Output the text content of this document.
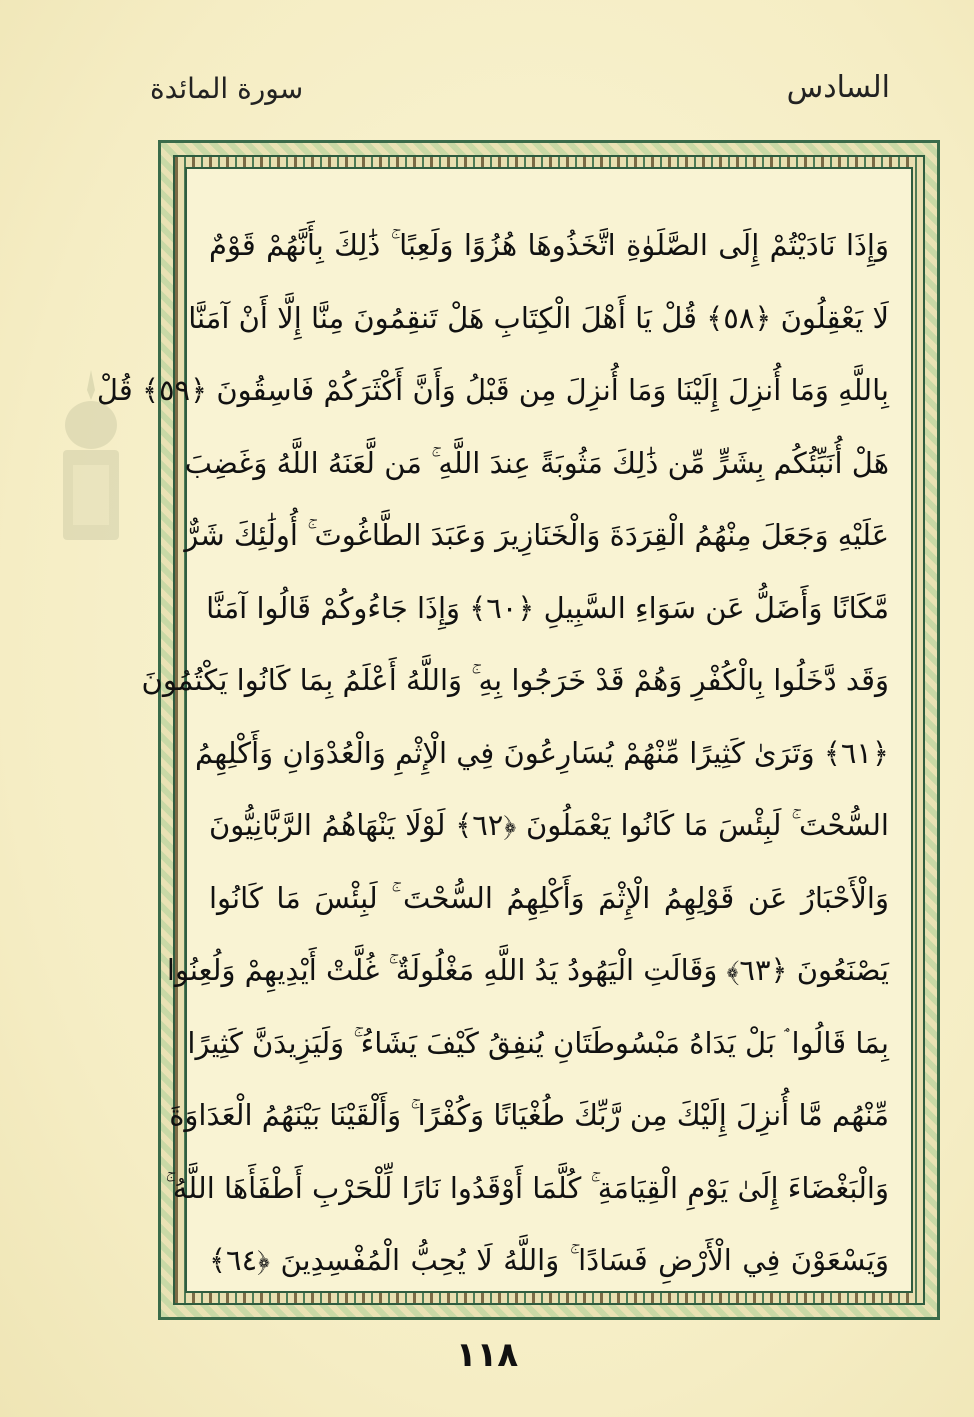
السادس
سورة المائدة
وَإِذَا نَادَيْتُمْ إِلَى الصَّلَوٰةِ اتَّخَذُوهَا هُزُوًا وَلَعِبًا ۚ ذَٰلِكَ بِأَنَّهُمْ قَوْمٌ
لَا يَعْقِلُونَ ﴿٥٨﴾ قُلْ يَا أَهْلَ الْكِتَابِ هَلْ تَنقِمُونَ مِنَّا إِلَّا أَنْ آمَنَّا
بِاللَّهِ وَمَا أُنزِلَ إِلَيْنَا وَمَا أُنزِلَ مِن قَبْلُ وَأَنَّ أَكْثَرَكُمْ فَاسِقُونَ ﴿٥٩﴾ قُلْ
هَلْ أُنَبِّئُكُم بِشَرٍّ مِّن ذَٰلِكَ مَثُوبَةً عِندَ اللَّهِ ۚ مَن لَّعَنَهُ اللَّهُ وَغَضِبَ
عَلَيْهِ وَجَعَلَ مِنْهُمُ الْقِرَدَةَ وَالْخَنَازِيرَ وَعَبَدَ الطَّاغُوتَ ۚ أُولَٰئِكَ شَرٌّ
مَّكَانًا وَأَضَلُّ عَن سَوَاءِ السَّبِيلِ ﴿٦٠﴾ وَإِذَا جَاءُوكُمْ قَالُوا آمَنَّا
وَقَد دَّخَلُوا بِالْكُفْرِ وَهُمْ قَدْ خَرَجُوا بِهِ ۚ وَاللَّهُ أَعْلَمُ بِمَا كَانُوا يَكْتُمُونَ
﴿٦١﴾ وَتَرَىٰ كَثِيرًا مِّنْهُمْ يُسَارِعُونَ فِي الْإِثْمِ وَالْعُدْوَانِ وَأَكْلِهِمُ
السُّحْتَ ۚ لَبِئْسَ مَا كَانُوا يَعْمَلُونَ ﴿٦٢﴾ لَوْلَا يَنْهَاهُمُ الرَّبَّانِيُّونَ
وَالْأَحْبَارُ عَن قَوْلِهِمُ الْإِثْمَ وَأَكْلِهِمُ السُّحْتَ ۚ لَبِئْسَ مَا كَانُوا
يَصْنَعُونَ ﴿٦٣﴾ وَقَالَتِ الْيَهُودُ يَدُ اللَّهِ مَغْلُولَةٌ ۚ غُلَّتْ أَيْدِيهِمْ وَلُعِنُوا
بِمَا قَالُوا ۘ بَلْ يَدَاهُ مَبْسُوطَتَانِ يُنفِقُ كَيْفَ يَشَاءُ ۚ وَلَيَزِيدَنَّ كَثِيرًا
مِّنْهُم مَّا أُنزِلَ إِلَيْكَ مِن رَّبِّكَ طُغْيَانًا وَكُفْرًا ۚ وَأَلْقَيْنَا بَيْنَهُمُ الْعَدَاوَةَ
وَالْبَغْضَاءَ إِلَىٰ يَوْمِ الْقِيَامَةِ ۚ كُلَّمَا أَوْقَدُوا نَارًا لِّلْحَرْبِ أَطْفَأَهَا اللَّهُ ۚ
وَيَسْعَوْنَ فِي الْأَرْضِ فَسَادًا ۚ وَاللَّهُ لَا يُحِبُّ الْمُفْسِدِينَ ﴿٦٤﴾
١١٨
